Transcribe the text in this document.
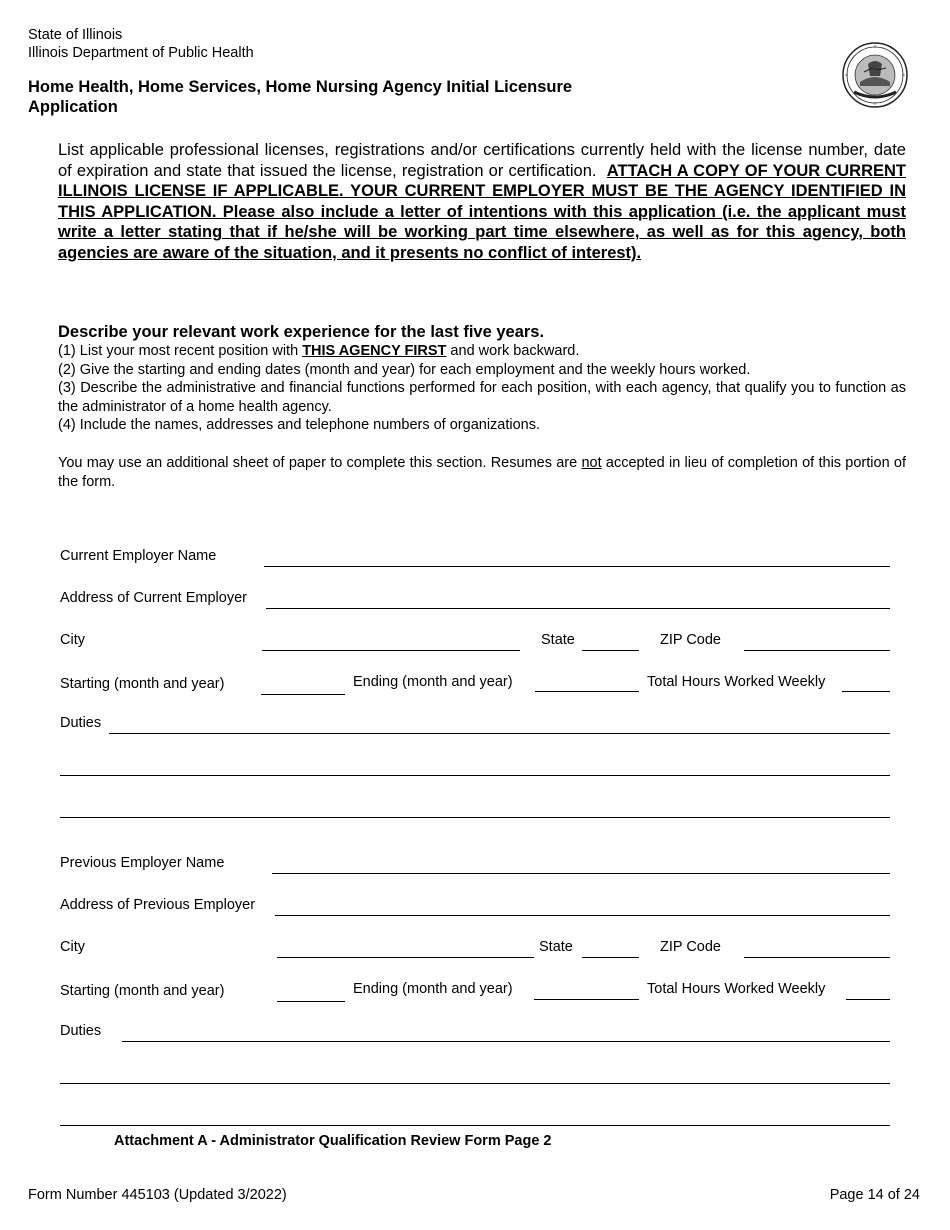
State of Illinois
Illinois Department of Public Health
Home Health, Home Services, Home Nursing Agency Initial Licensure
Application
List applicable professional licenses, registrations and/or certifications currently held with the license number, date of expiration and state that issued the license, registration or certification. ATTACH A COPY OF YOUR CURRENT ILLINOIS LICENSE IF APPLICABLE. YOUR CURRENT EMPLOYER MUST BE THE AGENCY IDENTIFIED IN THIS APPLICATION. Please also include a letter of intentions with this application (i.e. the applicant must write a letter stating that if he/she will be working part time elsewhere, as well as for this agency, both agencies are aware of the situation, and it presents no conflict of interest).
Describe your relevant work experience for the last five years.
(1) List your most recent position with THIS AGENCY FIRST and work backward.
(2) Give the starting and ending dates (month and year) for each employment and the weekly hours worked.
(3) Describe the administrative and financial functions performed for each position, with each agency, that qualify you to function as the administrator of a home health agency.
(4) Include the names, addresses and telephone numbers of organizations.
You may use an additional sheet of paper to complete this section. Resumes are not accepted in lieu of completion of this portion of the form.
Current Employer Name
Address of Current Employer
City	State	ZIP Code
Starting (month and year)	Ending (month and year)	Total Hours Worked Weekly
Duties
Previous Employer Name
Address of Previous Employer
City	State	ZIP Code
Starting (month and year)	Ending (month and year)	Total Hours Worked Weekly
Duties
Attachment A - Administrator Qualification Review Form Page 2
Form Number 445103 (Updated 3/2022)	Page 14 of 24
